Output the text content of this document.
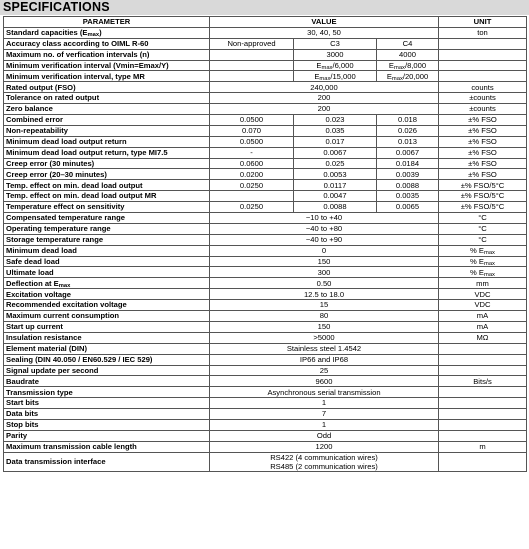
SPECIFICATIONS
PARAMETER	VALUE			UNIT
Standard capacities $(E_{max})$	30, 40, 50			ton
Accuracy class according to OIML R-60	Non-approved	C3	C4	
Maximum no. of verfication intervals (n)		3000	4000	
Minimum verification interval (Vmin=Emax/Y)		$E_{max}/6,000$	$E_{max}/8,000$	
Minimum verification interval, type MR		$E_{max}/15,000$	$E_{max}/20,000$	
Rated output (FSO)	240,000			counts
Tolerance on rated output	200			±counts
Zero balance	200			±counts
Combined error	0.0500	0.023	0.018	±% FSO
Non-repeatability	0.070	0.035	0.026	±% FSO
Minimum dead load output return	0.0500	0.017	0.013	±% FSO
Minimum dead load output return, type MI7.5	-	0.0067	0.0067	±% FSO
Creep error (30 minutes)	0.0600	0.025	0.0184	±% FSO
Creep error (20–30 minutes)	0.0200	0.0053	0.0039	±% FSO
Temp. effect on min. dead load output	0.0250	0.0117	0.0088	±% FSO/5°C
Temp. effect on min. dead load output MR		0.0047	0.0035	±% FSO/5°C
Temperature effect on sensitivity	0.0250	0.0088	0.0065	±% FSO/5°C
Compensated temperature range	−10 to +40			°C
Operating temperature range	−40 to +80			°C
Storage temperature range	−40 to +90			°C
Minimum dead load	0			% $E_{max}$
Safe dead load	150			% $E_{max}$
Ultimate load	300			% $E_{max}$
Deflection at $E_{max}$	0.50			mm
Excitation voltage	12.5 to 18.0			VDC
Recommended excitation voltage	15			VDC
Maximum current consumption	80			mA
Start up current	150			mA
Insulation resistance	>5000			MΩ
Element material (DIN)	Stainless steel 1.4542			
Sealing (DIN 40.050 / EN60.529 / IEC 529)	IP66 and IP68			
Signal update per second	25			
Baudrate	9600			Bits/s
Transmission type	Asynchronous serial transmission			
Start bits	1			
Data bits	7			
Stop bits	1			
Parity	Odd			
Maximum transmission cable length	1200			m
Data transmission interface	RS422 (4 communication wires)
RS485 (2 communication wires)			
